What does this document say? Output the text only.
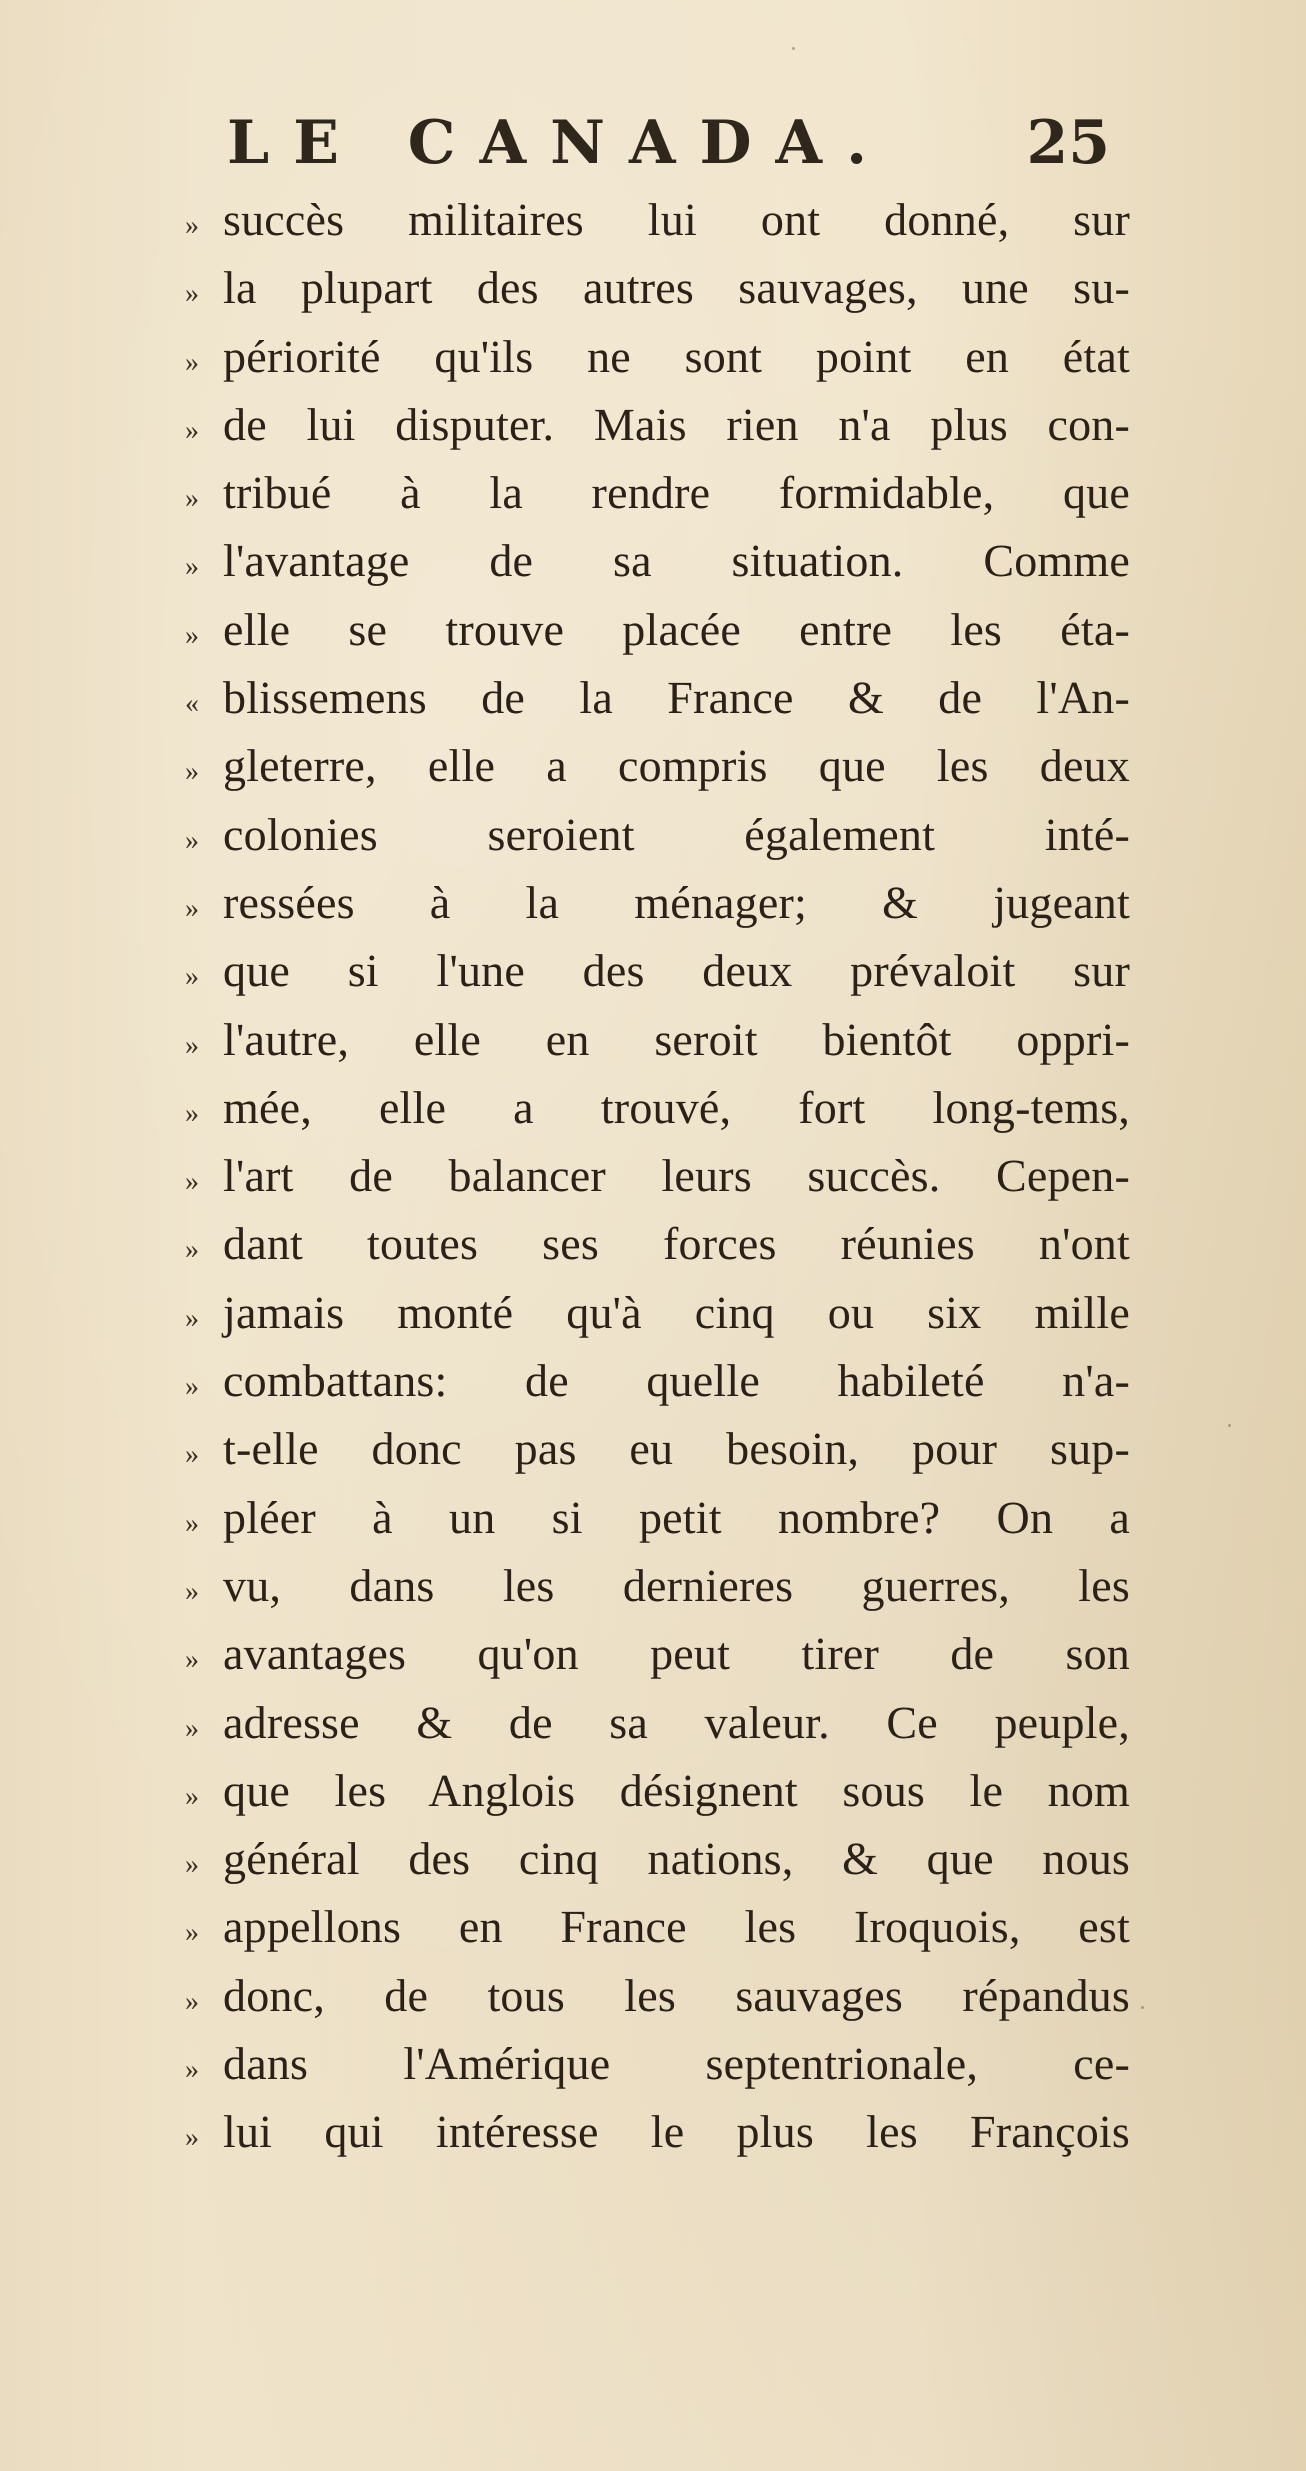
LE CANADA. 25
» succès militaires lui ont donné, sur
» la plupart des autres sauvages, une su-
» périorité qu'ils ne sont point en état
» de lui disputer. Mais rien n'a plus con-
» tribué à la rendre formidable, que
» l'avantage de sa situation. Comme
» elle se trouve placée entre les éta-
« blissemens de la France & de l'An-
» gleterre, elle a compris que les deux
» colonies seroient également inté-
» ressées à la ménager; & jugeant
» que si l'une des deux prévaloit sur
» l'autre, elle en seroit bientôt oppri-
» mée, elle a trouvé, fort long-tems,
» l'art de balancer leurs succès. Cepen-
» dant toutes ses forces réunies n'ont
» jamais monté qu'à cinq ou six mille
» combattans: de quelle habileté n'a-
» t-elle donc pas eu besoin, pour sup-
» pléer à un si petit nombre? On a
» vu, dans les dernieres guerres, les
» avantages qu'on peut tirer de son
» adresse & de sa valeur. Ce peuple,
» que les Anglois désignent sous le nom
» général des cinq nations, & que nous
» appellons en France les Iroquois, est
» donc, de tous les sauvages répandus
» dans l'Amérique septentrionale, ce-
» lui qui intéresse le plus les François
